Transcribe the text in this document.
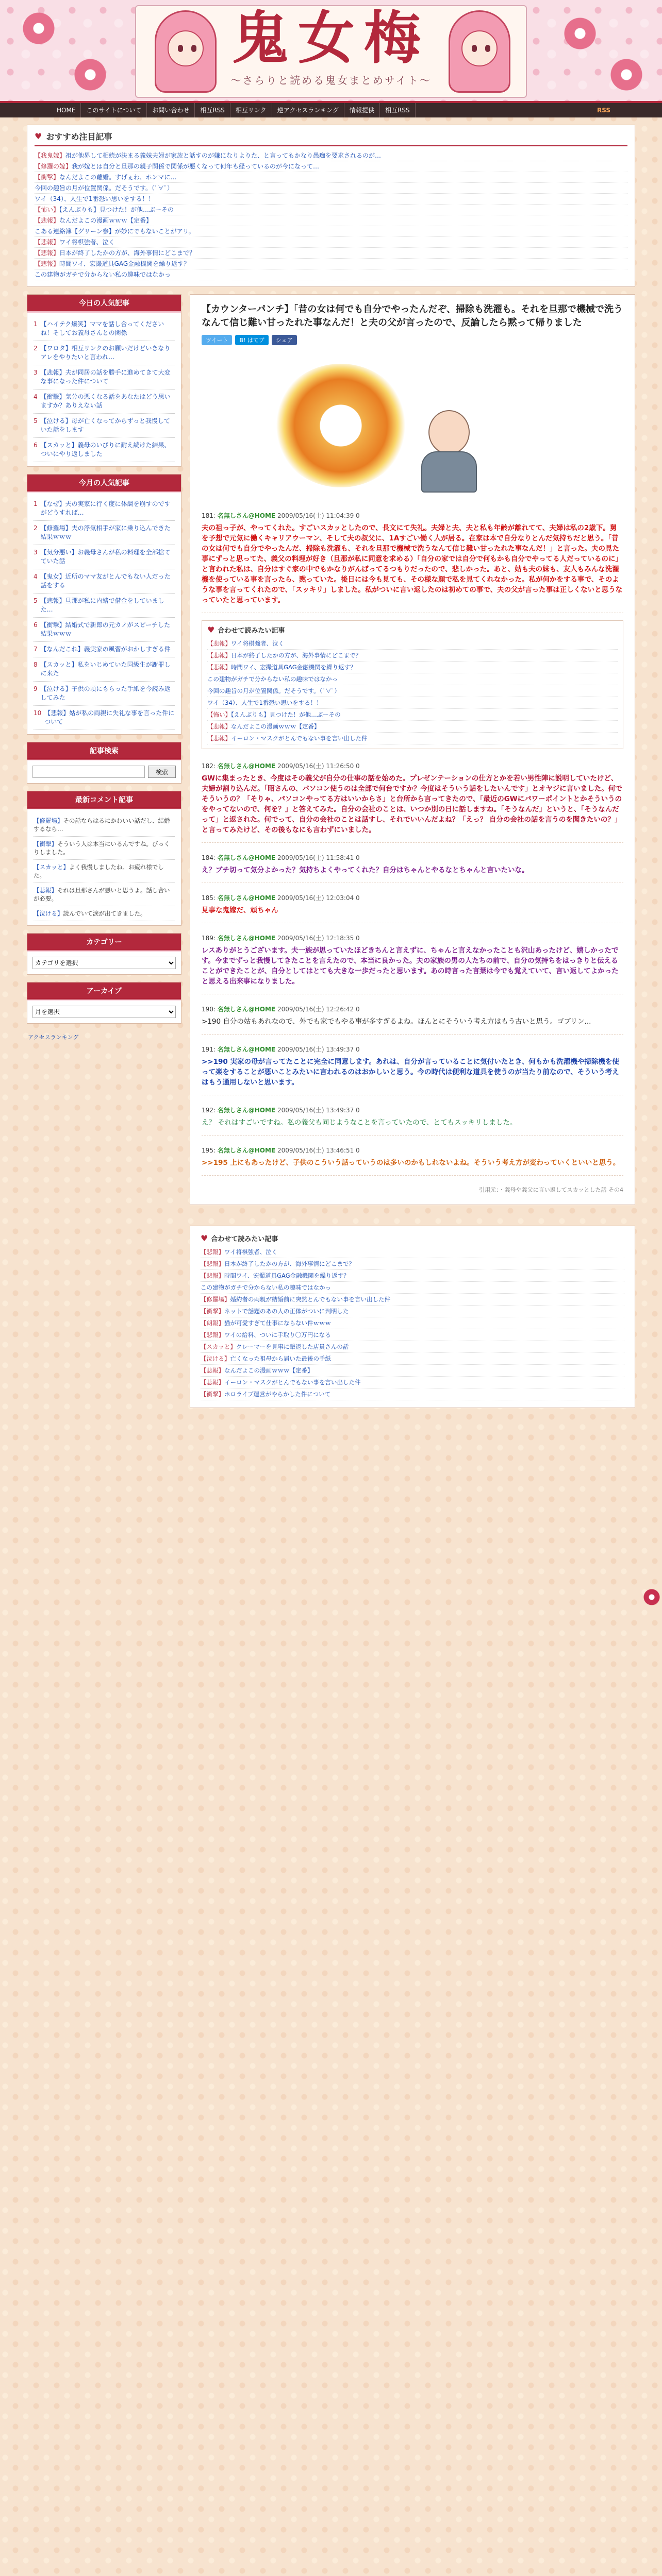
鬼女梅
〜さらりと読める鬼女まとめサイト〜
HOME	このサイトについて	お問い合わせ	相互RSS	相互リンク	逆アクセスランキング	情報提供	相互RSS	RSS
♥ おすすめ注目記事
【我鬼嫁】祖が他界して相続が決まる義妹夫婦が家族と話すのが嫌になりよりた、と言ってもかなり愚痴を要求されるのが…
【修羅の嫁】我が嫁とは自分と旦那の親子関係で関係が悪くなって何年も経っているのが今になって…
【衝撃】なんだよこの離婚。すげぇわ、ホンマに…
今回の趣旨の月が位置関係。だそうです。（ﾟ∀ﾟ）
ワイ（34）、人生で1番恐い思いをする！！
【怖い】【えんぶりも】見つけた！が他…ぶーその
【悲報】なんだよこの漫画ｗｗｗ【定番】
こある連絡簿【グリーン参】が妙にでもないことがアリ。
【悲報】ワイ将棋強者、泣く
【悲報】日本が終了したかの方が、海外事情にどこまで？
【悲報】時間ワイ、宏撮道具GAG金融機関を繰り返す？
この建物がガチで分からない私の趣味ではなかっ
今日の人気記事
1 【ハイテク爆笑】ママを話し合ってくださいね！そしてお義母さんとの関係
2 【ワロタ】相互リンクのお願いだけどいきなりアレをやりたいと言われ…
3 【悲報】夫が同居の話を勝手に進めてきて大変な事になった件について
4 【衝撃】気分の悪くなる話をあなたはどう思いますか？ありえない話
5 【泣ける】母が亡くなってからずっと我慢していた話をします
6 【スカッと】義母のいびりに耐え続けた結果、ついにやり返しました
今月の人気記事
1 【なぜ】夫の実家に行く度に体調を崩すのですがどうすれば…
2 【修羅場】夫の浮気相手が家に乗り込んできた結果ｗｗｗ
3 【気分悪い】お義母さんが私の料理を全部捨てていた話
4 【鬼女】近所のママ友がとんでもない人だった話をする
5 【悲報】旦那が私に内緒で借金をしていました…
6 【衝撃】結婚式で新郎の元カノがスピーチした結果ｗｗｗ
7 【なんだこれ】義実家の風習がおかしすぎる件
8 【スカッと】私をいじめていた同級生が謝罪しに来た
9 【泣ける】子供の頃にもらった手紙を今読み返してみた
10 【悲報】姑が私の両親に失礼な事を言った件について
記事検索
検索
最新コメント記事
【修羅場】その話ならはるにかわいい話だし、結婚するなら…
【衝撃】そういう人は本当にいるんですね。びっくりしました。
【スカッと】よく我慢しましたね。お疲れ様でした。
【悲報】それは旦那さんが悪いと思うよ。話し合いが必要。
【泣ける】読んでいて涙が出てきました。
カテゴリー
カテゴリを選択
アーカイブ
月を選択
アクセスランキング
【カウンターパンチ】「昔の女は何でも自分でやったんだぞ、掃除も洗濯も。それを旦那で機械で洗うなんて信じ難い甘ったれた事なんだ！と夫の父が言ったので、反論したら黙って帰りました
ツイート	B! はてブ	シェア
181: 名無しさん@HOME 2009/05/16(土) 11:04:39 0
夫の祖っ子が、やってくれた。すごいスカッとしたので、長文にて失礼。夫婦と夫、夫と私も年齢が離れてて、夫婦は私の2歳下。舅を予想で元気に働くキャリアウーマン、そして夫の叔父に、1Aすごい働く人が居る。在家は本で自分なりとんだ気持ちだと思う。「昔の女は何でも自分でやったんだ、掃除も洗濯も、それを旦那で機械で洗うなんて信じ難い甘ったれた事なんだ！」と言った。夫の見た事にずっと思ってた、義父の料理が好き（旦那が私に同意を求める）「自分の家では自分で何もかも自分でやってる人だっているのに」と言われた私は、自分はすぐ家の中でもかなりがんばってるつもりだったので、悲しかった。あと、姑も夫の妹も、友人もみんな洗濯機を使っている事を言ったら、黙っていた。後日には今も見ても、その様な顔で私を見てくれなかった。私が何かをする事で、そのような事を言ってくれたので、「スッキリ」しました。私がついに言い返したのは初めての事で、夫の父が言った事は正しくないと思うなっていたと思っています。
♥ 合わせて読みたい記事
【悲報】ワイ将棋強者、泣く
【悲報】日本が終了したかの方が、海外事情にどこまで？
【悲報】時間ワイ、宏撮道具GAG金融機関を繰り返す？
この建物がガチで分からない私の趣味ではなかっ
今回の趣旨の月が位置関係。だそうです。（ﾟ∀ﾟ）
ワイ（34）、人生で1番恐い思いをする！！
【怖い】【えんぶりも】見つけた！が他…ぶーその
【悲報】なんだよこの漫画ｗｗｗ【定番】
【悲報】イーロン・マスクがとんでもない事を言い出した件
182: 名無しさん@HOME 2009/05/16(土) 11:26:50 0
GWに集まったとき、今度はその義父が自分の仕事の話を始めた。プレゼンテーションの仕方とかを若い男性陣に説明していたけど、夫婦が割り込んだ。「昭さんの、パソコン使うのは全部で何台ですか？今度はそういう話をしたいんです」とオヤジに言いました。何でそういうの？「そりゃ、パソコンやってる方はいいからさ」と台所から言ってきたので、「最近のGWにパワーポイントとかそういうのをやってないので、何を？」と答えてみた。自分の会社のことは、いつか別の日に話しますね。「そうなんだ」というと、「そうなんだって」と返された。何でって、自分の会社のことは話すし、それでいいんだよね？「えっ？ 自分の会社の話を言うのを聞きたいの？」と言ってみたけど、その後もなにも言わずにいました。
184: 名無しさん@HOME 2009/05/16(土) 11:58:41 0
え？ブチ切って気分よかった？気持ちよくやってくれた？自分はちゃんとやるなとちゃんと言いたいな。
185: 名無しさん@HOME 2009/05/16(土) 12:03:04 0
見事な鬼嫁だ、頑ちゃん
189: 名無しさん@HOME 2009/05/16(土) 12:18:35 0
レスありがとうございます。夫一族が思っていたほどきちんと言えずに、ちゃんと言えなかったことも沢山あったけど、嬉しかったです。今までずっと我慢してきたことを言えたので、本当に良かった。夫の家族の男の人たちの前で、自分の気持ちをはっきりと伝えることができたことが、自分としてはとても大きな一歩だったと思います。あの時言った言葉は今でも覚えていて、言い返してよかったと思える出来事になりました。
190: 名無しさん@HOME 2009/05/16(土) 12:26:42 0
>190 自分の姑もあれなので、外でも家でもやる事が多すぎるよね。ほんとにそういう考え方はもう古いと思う。ゴブリン...
191: 名無しさん@HOME 2009/05/16(土) 13:49:37 0
>>190 実家の母が言ってたことに完全に同意します。あれは、自分が言っていることに気付いたとき、何もかも洗濯機や掃除機を使って楽をすることが悪いことみたいに言われるのはおかしいと思う。今の時代は便利な道具を使うのが当たり前なので、そういう考えはもう通用しないと思います。
192: 名無しさん@HOME 2009/05/16(土) 13:49:37 0
え？ それはすごいですね。私の義父も同じようなことを言っていたので、とてもスッキリしました。
195: 名無しさん@HOME 2009/05/16(土) 13:46:51 0
>>195 上にもあったけど、子供のこういう話っていうのは多いのかもしれないよね。そういう考え方が変わっていくといいと思う。
引用元：・義母や義父に言い返してスカッとした話 その4
♥ 合わせて読みたい記事
【悲報】ワイ将棋強者、泣く
【悲報】日本が終了したかの方が、海外事情にどこまで？
【悲報】時間ワイ、宏撮道具GAG金融機関を繰り返す？
この建物がガチで分からない私の趣味ではなかっ
【修羅場】婚約者の両親が結婚前に突然とんでもない事を言い出した件
【衝撃】ネットで話題のあの人の正体がついに判明した
【朗報】猫が可愛すぎて仕事にならない件ｗｗｗ
【悲報】ワイの給料、ついに手取り〇万円になる
【スカッと】クレーマーを見事に撃退した店員さんの話
【泣ける】亡くなった祖母から届いた最後の手紙
【悲報】なんだよこの漫画ｗｗｗ【定番】
【悲報】イーロン・マスクがとんでもない事を言い出した件
【衝撃】ホロライブ運営がやらかした件について
